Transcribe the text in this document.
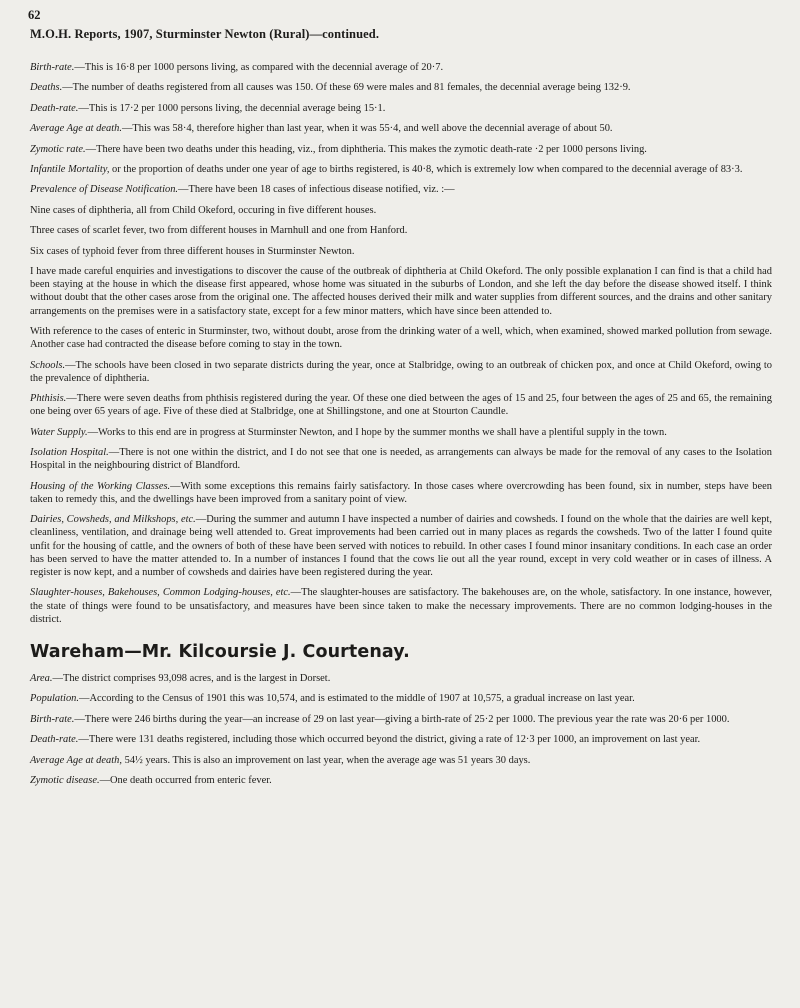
62
M.O.H. Reports, 1907, Sturminster Newton (Rural)—continued.

Birth-rate.—This is 16·8 per 1000 persons living, as compared with the decennial average of 20·7.

Deaths.—The number of deaths registered from all causes was 150. Of these 69 were males and 81 females, the decennial average being 132·9.

Death-rate.—This is 17·2 per 1000 persons living, the decennial average being 15·1.

Average Age at death.—This was 58·4, therefore higher than last year, when it was 55·4, and well above the decennial average of about 50.

Zymotic rate.—There have been two deaths under this heading, viz., from diphtheria. This makes the zymotic death-rate ·2 per 1000 persons living.

Infantile Mortality, or the proportion of deaths under one year of age to births registered, is 40·8, which is extremely low when compared to the decennial average of 83·3.

Prevalence of Disease Notification.—There have been 18 cases of infectious disease notified, viz. :—

Nine cases of diphtheria, all from Child Okeford, occuring in five different houses.

Three cases of scarlet fever, two from different houses in Marnhull and one from Hanford.

Six cases of typhoid fever from three different houses in Sturminster Newton.

I have made careful enquiries and investigations to discover the cause of the outbreak of diphtheria at Child Okeford. The only possible explanation I can find is that a child had been staying at the house in which the disease first appeared, whose home was situated in the suburbs of London, and she left the day before the disease showed itself. I think without doubt that the other cases arose from the original one. The affected houses derived their milk and water supplies from different sources, and the drains and other sanitary arrangements on the premises were in a satisfactory state, except for a few minor matters, which have since been attended to.

With reference to the cases of enteric in Sturminster, two, without doubt, arose from the drinking water of a well, which, when examined, showed marked pollution from sewage. Another case had contracted the disease before coming to stay in the town.

Schools.—The schools have been closed in two separate districts during the year, once at Stalbridge, owing to an outbreak of chicken pox, and once at Child Okeford, owing to the prevalence of diphtheria.

Phthisis.—There were seven deaths from phthisis registered during the year. Of these one died between the ages of 15 and 25, four between the ages of 25 and 65, the remaining one being over 65 years of age. Five of these died at Stalbridge, one at Shillingstone, and one at Stourton Caundle.

Water Supply.—Works to this end are in progress at Sturminster Newton, and I hope by the summer months we shall have a plentiful supply in the town.

Isolation Hospital.—There is not one within the district, and I do not see that one is needed, as arrangements can always be made for the removal of any cases to the Isolation Hospital in the neighbouring district of Blandford.

Housing of the Working Classes.—With some exceptions this remains fairly satisfactory. In those cases where overcrowding has been found, six in number, steps have been taken to remedy this, and the dwellings have been improved from a sanitary point of view.

Dairies, Cowsheds, and Milkshops, etc.—During the summer and autumn I have inspected a number of dairies and cowsheds. I found on the whole that the dairies are well kept, cleanliness, ventilation, and drainage being well attended to. Great improvements had been carried out in many places as regards the cowsheds. Two of the latter I found quite unfit for the housing of cattle, and the owners of both of these have been served with notices to rebuild. In other cases I found minor insanitary conditions. In each case an order has been served to have the matter attended to. In a number of instances I found that the cows lie out all the year round, except in very cold weather or in cases of illness. A register is now kept, and a number of cowsheds and dairies have been registered during the year.

Slaughter-houses, Bakehouses, Common Lodging-houses, etc.—The slaughter-houses are satisfactory. The bakehouses are, on the whole, satisfactory. In one instance, however, the state of things were found to be unsatisfactory, and measures have been since taken to make the necessary improvements. There are no common lodging-houses in the district.

Wareham—Mr. Kilcoursie J. Courtenay.

Area.—The district comprises 93,098 acres, and is the largest in Dorset.

Population.—According to the Census of 1901 this was 10,574, and is estimated to the middle of 1907 at 10,575, a gradual increase on last year.

Birth-rate.—There were 246 births during the year—an increase of 29 on last year—giving a birth-rate of 25·2 per 1000. The previous year the rate was 20·6 per 1000.

Death-rate.—There were 131 deaths registered, including those which occurred beyond the district, giving a rate of 12·3 per 1000, an improvement on last year.

Average Age at death, 54½ years. This is also an improvement on last year, when the average age was 51 years 30 days.

Zymotic disease.—One death occurred from enteric fever.
